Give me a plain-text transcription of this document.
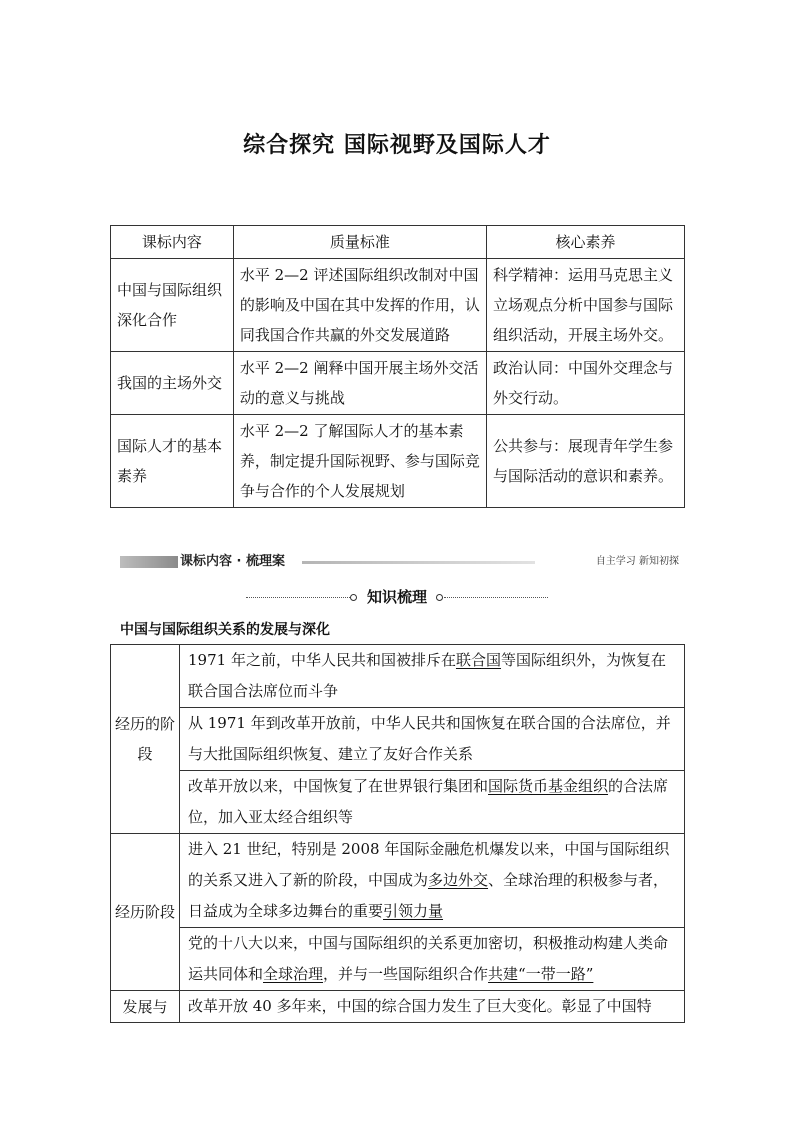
综合探究 国际视野及国际人才
课标内容	质量标准	核心素养
中国与国际组织深化合作	水平 2—2 评述国际组织改制对中国的影响及中国在其中发挥的作用，认同我国合作共赢的外交发展道路	科学精神：运用马克思主义立场观点分析中国参与国际组织活动，开展主场外交。
我国的主场外交	水平 2—2 阐释中国开展主场外交活动的意义与挑战	政治认同：中国外交理念与外交行动。
国际人才的基本素养	水平 2—2 了解国际人才的基本素养，制定提升国际视野、参与国际竞争与合作的个人发展规划	公共参与：展现青年学生参与国际活动的意识和素养。
课标内容 · 梳理案	自主学习 新知初探
知识梳理
中国与国际组织关系的发展与深化
经历的阶段	1971 年之前，中华人民共和国被排斥在联合国等国际组织外，为恢复在联合国合法席位而斗争
	从 1971 年到改革开放前，中华人民共和国恢复在联合国的合法席位，并与大批国际组织恢复、建立了友好合作关系
	改革开放以来，中国恢复了在世界银行集团和国际货币基金组织的合法席位，加入亚太经合组织等
经历阶段	进入 21 世纪，特别是 2008 年国际金融危机爆发以来，中国与国际组织的关系又进入了新的阶段，中国成为多边外交、全球治理的积极参与者，日益成为全球多边舞台的重要引领力量
	党的十八大以来，中国与国际组织的关系更加密切，积极推动构建人类命运共同体和全球治理，并与一些国际组织合作共建“一带一路”
发展与	改革开放 40 多年来，中国的综合国力发生了巨大变化。彰显了中国特
